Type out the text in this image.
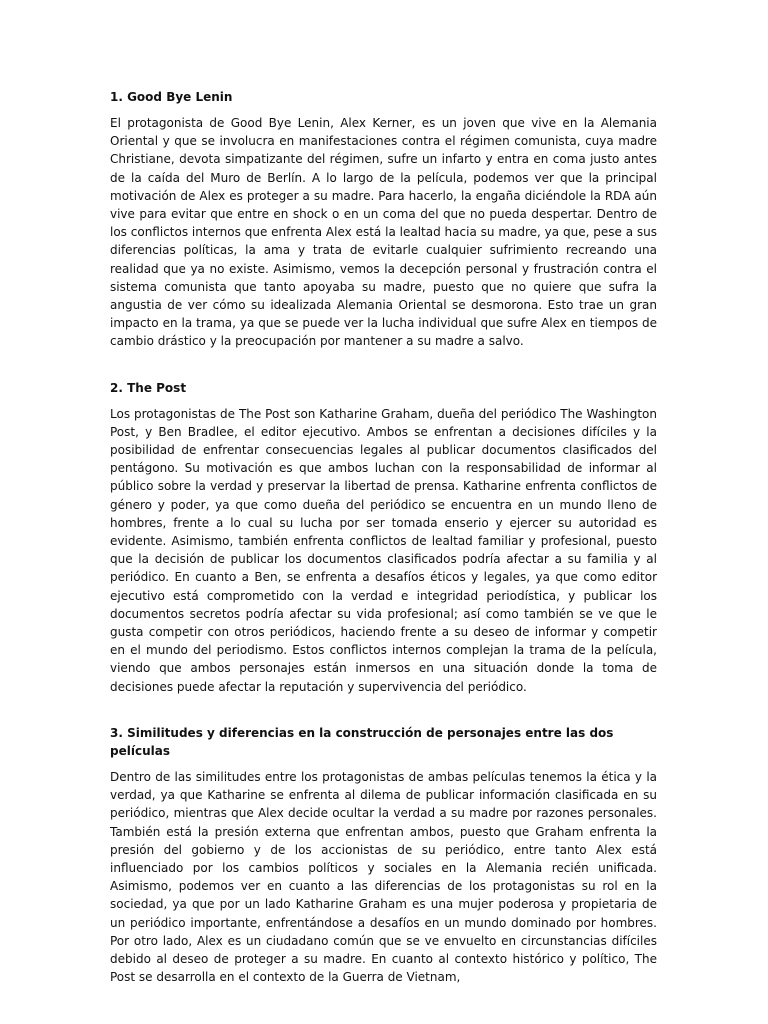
1. Good Bye Lenin

El protagonista de Good Bye Lenin, Alex Kerner, es un joven que vive en la Alemania Oriental y que se involucra en manifestaciones contra el régimen comunista, cuya madre Christiane, devota simpatizante del régimen, sufre un infarto y entra en coma justo antes de la caída del Muro de Berlín. A lo largo de la película, podemos ver que la principal motivación de Alex es proteger a su madre. Para hacerlo, la engaña diciéndole la RDA aún vive para evitar que entre en shock o en un coma del que no pueda despertar. Dentro de los conflictos internos que enfrenta Alex está la lealtad hacia su madre, ya que, pese a sus diferencias políticas, la ama y trata de evitarle cualquier sufrimiento recreando una realidad que ya no existe. Asimismo, vemos la decepción personal y frustración contra el sistema comunista que tanto apoyaba su madre, puesto que no quiere que sufra la angustia de ver cómo su idealizada Alemania Oriental se desmorona. Esto trae un gran impacto en la trama, ya que se puede ver la lucha individual que sufre Alex en tiempos de cambio drástico y la preocupación por mantener a su madre a salvo.

2. The Post

Los protagonistas de The Post son Katharine Graham, dueña del periódico The Washington Post, y Ben Bradlee, el editor ejecutivo. Ambos se enfrentan a decisiones difíciles y la posibilidad de enfrentar consecuencias legales al publicar documentos clasificados del pentágono. Su motivación es que ambos luchan con la responsabilidad de informar al público sobre la verdad y preservar la libertad de prensa. Katharine enfrenta conflictos de género y poder, ya que como dueña del periódico se encuentra en un mundo lleno de hombres, frente a lo cual su lucha por ser tomada enserio y ejercer su autoridad es evidente. Asimismo, también enfrenta conflictos de lealtad familiar y profesional, puesto que la decisión de publicar los documentos clasificados podría afectar a su familia y al periódico. En cuanto a Ben, se enfrenta a desafíos éticos y legales, ya que como editor ejecutivo está comprometido con la verdad e integridad periodística, y publicar los documentos secretos podría afectar su vida profesional; así como también se ve que le gusta competir con otros periódicos, haciendo frente a su deseo de informar y competir en el mundo del periodismo. Estos conflictos internos complejan la trama de la película, viendo que ambos personajes están inmersos en una situación donde la toma de decisiones puede afectar la reputación y supervivencia del periódico.

3. Similitudes y diferencias en la construcción de personajes entre las dos películas

Dentro de las similitudes entre los protagonistas de ambas películas tenemos la ética y la verdad, ya que Katharine se enfrenta al dilema de publicar información clasificada en su periódico, mientras que Alex decide ocultar la verdad a su madre por razones personales. También está la presión externa que enfrentan ambos, puesto que Graham enfrenta la presión del gobierno y de los accionistas de su periódico, entre tanto Alex está influenciado por los cambios políticos y sociales en la Alemania recién unificada. Asimismo, podemos ver en cuanto a las diferencias de los protagonistas su rol en la sociedad, ya que por un lado Katharine Graham es una mujer poderosa y propietaria de un periódico importante, enfrentándose a desafíos en un mundo dominado por hombres. Por otro lado, Alex es un ciudadano común que se ve envuelto en circunstancias difíciles debido al deseo de proteger a su madre. En cuanto al contexto histórico y político, The Post se desarrolla en el contexto de la Guerra de Vietnam,
